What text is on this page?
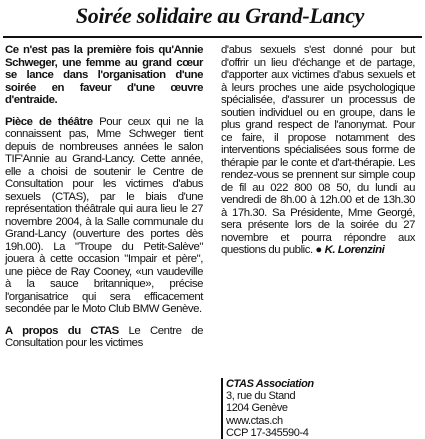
Soirée solidaire au Grand-Lancy

Ce n'est pas la première fois qu'Annie Schweger, une femme au grand cœur se lance dans l'organisation d'une soirée en faveur d'une œuvre d'entraide.

Pièce de théâtre Pour ceux qui ne la connaissent pas, Mme Schweger tient depuis de nombreuses années le salon TIF'Annie au Grand-Lancy. Cette année, elle a choisi de soutenir le Centre de Consultation pour les victimes d'abus sexuels (CTAS), par le biais d'une représentation théâtrale qui aura lieu le 27 novembre 2004, à la Salle communale du Grand-Lancy (ouverture des portes dès 19h.00). La "Troupe du Petit-Salève" jouera à cette occasion "Impair et père", une pièce de Ray Cooney, «un vaudeville à la sauce britannique», précise l'organisatrice qui sera efficacement secondée par le Moto Club BMW Genève.

A propos du CTAS Le Centre de Consultation pour les victimes

d'abus sexuels s'est donné pour but d'offrir un lieu d'échange et de partage, d'apporter aux victimes d'abus sexuels et à leurs proches une aide psychologique spécialisée, d'assurer un processus de soutien individuel ou en groupe, dans le plus grand respect de l'anonymat. Pour ce faire, il propose notamment des interventions spécialisées sous forme de thérapie par le conte et d'art-thérapie. Les rendez-vous se prennent sur simple coup de fil au 022 800 08 50, du lundi au vendredi de 8h.00 à 12h.00 et de 13h.30 à 17h.30. Sa Présidente, Mme Georgé, sera présente lors de la soirée du 27 novembre et pourra répondre aux questions du public. ● K. Lorenzini

CTAS Association
3, rue du Stand
1204 Genève
www.ctas.ch
CCP 17-345590-4
